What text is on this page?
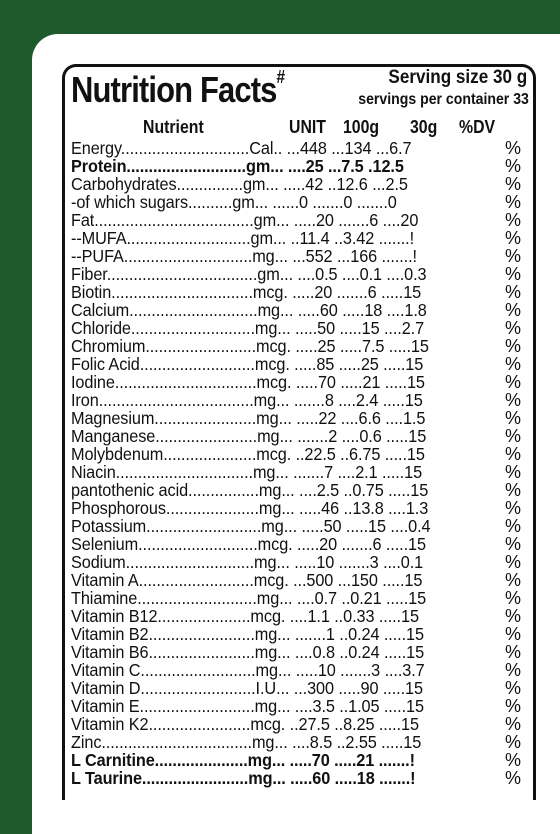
Nutrition Facts#	Serving size 30 g
servings per container 33
Nutrient	UNIT 100g 30g %DV
Energy.............................Cal.. ...448 ...134 ...6.7	%
Protein...........................gm... ....25 ...7.5 .12.5	%
Carbohydrates...............gm... .....42 ..12.6 ...2.5	%
-of which sugars..........gm... ......0 .......0 .......0	%
Fat....................................gm... .....20 .......6 ....20	%
--MUFA............................gm... ..11.4 ..3.42 .......!	%
--PUFA.............................mg... ...552 ...166 .......!	%
Fiber..................................gm... ....0.5 ....0.1 ....0.3	%
Biotin................................mcg. .....20 .......6 .....15	%
Calcium.............................mg... .....60 .....18 ....1.8	%
Chloride............................mg... .....50 .....15 ....2.7	%
Chromium.........................mcg. .....25 .....7.5 .....15	%
Folic Acid..........................mcg. .....85 .....25 .....15	%
Iodine................................mcg. .....70 .....21 .....15	%
Iron...................................mg... .......8 ....2.4 .....15	%
Magnesium.......................mg... .....22 ....6.6 ....1.5	%
Manganese.......................mg... .......2 ....0.6 .....15	%
Molybdenum.....................mcg. ..22.5 ..6.75 .....15	%
Niacin...............................mg... .......7 ....2.1 .....15	%
pantothenic acid................mg... ....2.5 ..0.75 .....15	%
Phosphorous.....................mg... .....46 ..13.8 ....1.3	%
Potassium..........................mg... .....50 .....15 ....0.4	%
Selenium...........................mcg. .....20 .......6 .....15	%
Sodium.............................mg... .....10 .......3 ....0.1	%
Vitamin A..........................mcg. ...500 ...150 .....15	%
Thiamine...........................mg... ....0.7 ..0.21 .....15	%
Vitamin B12.....................mcg. ....1.1 ..0.33 .....15	%
Vitamin B2........................mg... .......1 ..0.24 .....15	%
Vitamin B6........................mg... ....0.8 ..0.24 .....15	%
Vitamin C..........................mg... .....10 .......3 ....3.7	%
Vitamin D..........................I.U... ...300 .....90 .....15	%
Vitamin E..........................mg... ....3.5 ..1.05 .....15	%
Vitamin K2.......................mcg. ..27.5 ..8.25 .....15	%
Zinc..................................mg... ....8.5 ..2.55 .....15	%
L Carnitine.....................mg... .....70 .....21 .......!	%
L Taurine........................mg... .....60 .....18 .......!	%
